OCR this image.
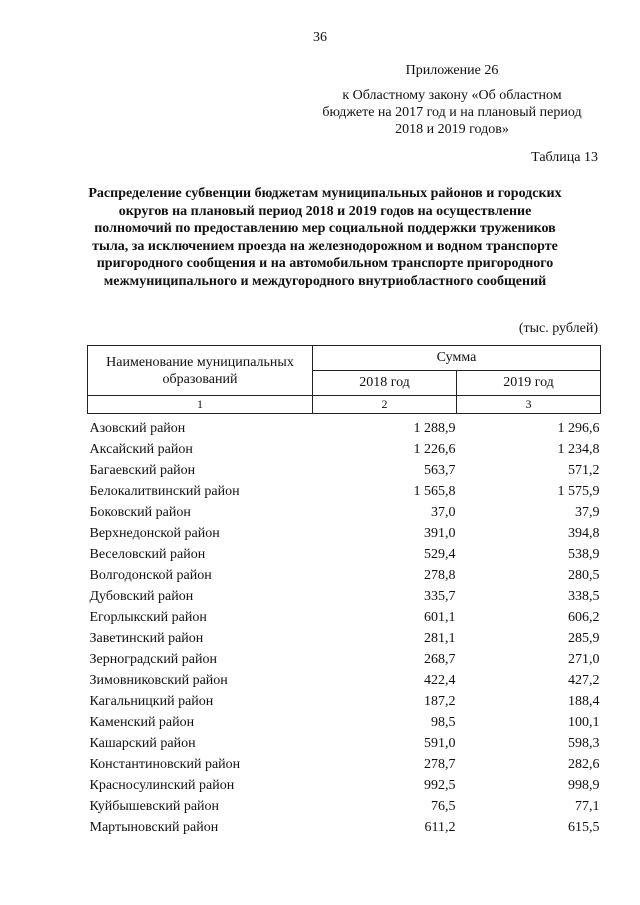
36
Приложение 26
к Областному закону «Об областном бюджете на 2017 год и на плановый период 2018 и 2019 годов»
Таблица 13
Распределение субвенции бюджетам муниципальных районов и городских округов на плановый период 2018 и 2019 годов на осуществление полномочий по предоставлению мер социальной поддержки тружеников тыла, за исключением проезда на железнодорожном и водном транспорте пригородного сообщения и на автомобильном транспорте пригородного межмуниципального и междугородного внутриобластного сообщений
(тыс. рублей)
Наименование муниципальных образований	Сумма	
	2018 год	2019 год
1	2	3
Азовский район	1 288,9	1 296,6
Аксайский район	1 226,6	1 234,8
Багаевский район	563,7	571,2
Белокалитвинский район	1 565,8	1 575,9
Боковский район	37,0	37,9
Верхнедонской район	391,0	394,8
Веселовский район	529,4	538,9
Волгодонской район	278,8	280,5
Дубовский район	335,7	338,5
Егорлыкский район	601,1	606,2
Заветинский район	281,1	285,9
Зерноградский район	268,7	271,0
Зимовниковский район	422,4	427,2
Кагальницкий район	187,2	188,4
Каменский район	98,5	100,1
Кашарский район	591,0	598,3
Константиновский район	278,7	282,6
Красносулинский район	992,5	998,9
Куйбышевский район	76,5	77,1
Мартыновский район	611,2	615,5
